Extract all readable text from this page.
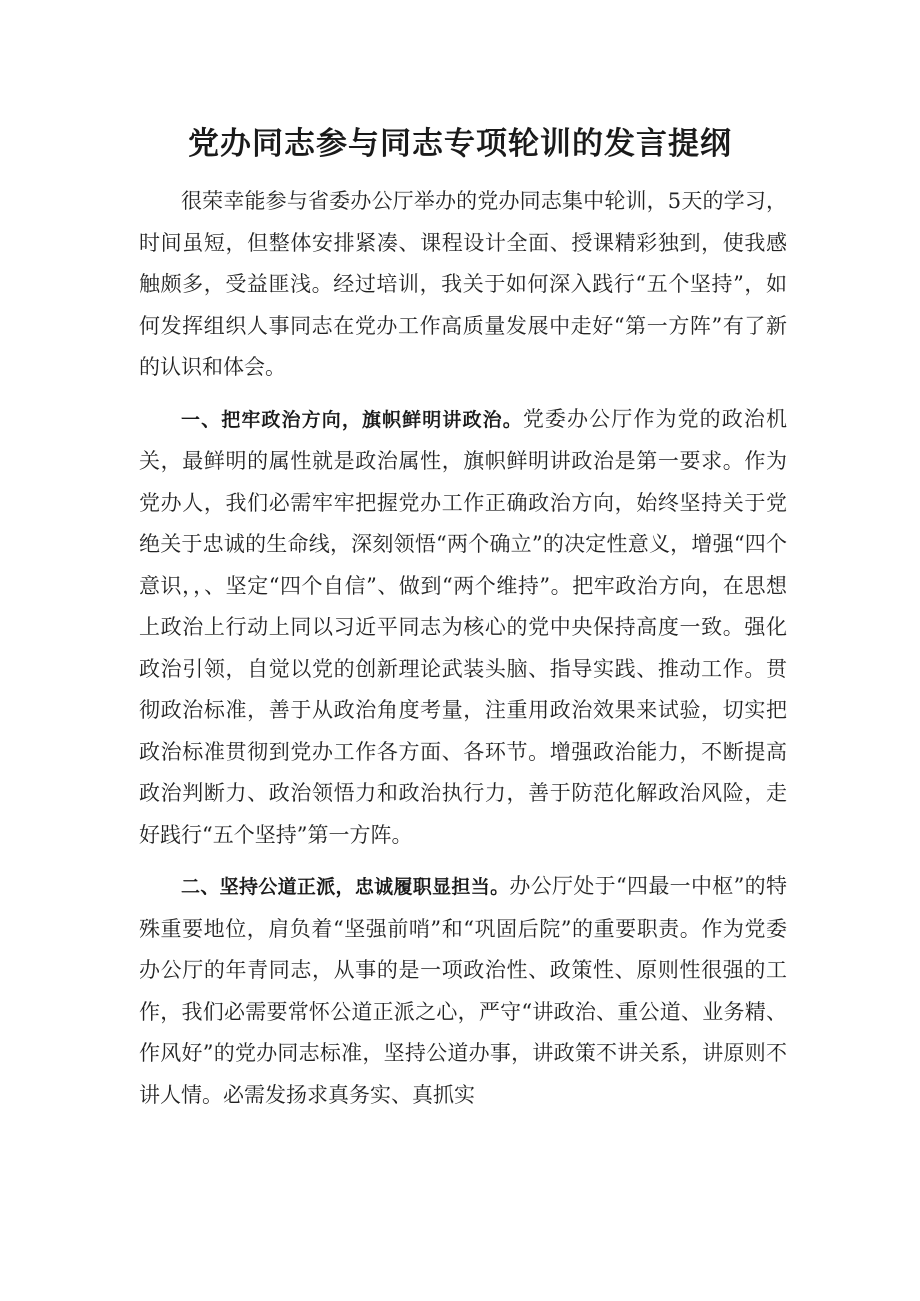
党办同志参与同志专项轮训的发言提纲

很荣幸能参与省委办公厅举办的党办同志集中轮训，5天的学习，时间虽短，但整体安排紧凑、课程设计全面、授课精彩独到，使我感触颇多，受益匪浅。经过培训，我关于如何深入践行“五个坚持”，如何发挥组织人事同志在党办工作高质量发展中走好“第一方阵”有了新的认识和体会。

一、把牢政治方向，旗帜鲜明讲政治。党委办公厅作为党的政治机关，最鲜明的属性就是政治属性，旗帜鲜明讲政治是第一要求。作为党办人，我们必需牢牢把握党办工作正确政治方向，始终坚持关于党绝关于忠诚的生命线，深刻领悟“两个确立”的决定性意义，增强“四个意识，，、坚定“四个自信”、做到“两个维持”。把牢政治方向，在思想上政治上行动上同以习近平同志为核心的党中央保持高度一致。强化政治引领，自觉以党的创新理论武装头脑、指导实践、推动工作。贯彻政治标准，善于从政治角度考量，注重用政治效果来试验，切实把政治标准贯彻到党办工作各方面、各环节。增强政治能力，不断提高政治判断力、政治领悟力和政治执行力，善于防范化解政治风险，走好践行“五个坚持”第一方阵。

二、坚持公道正派，忠诚履职显担当。办公厅处于“四最一中枢”的特殊重要地位，肩负着“坚强前哨”和“巩固后院”的重要职责。作为党委办公厅的年青同志，从事的是一项政治性、政策性、原则性很强的工作，我们必需要常怀公道正派之心，严守“讲政治、重公道、业务精、作风好”的党办同志标准，坚持公道办事，讲政策不讲关系，讲原则不讲人情。必需发扬求真务实、真抓实
